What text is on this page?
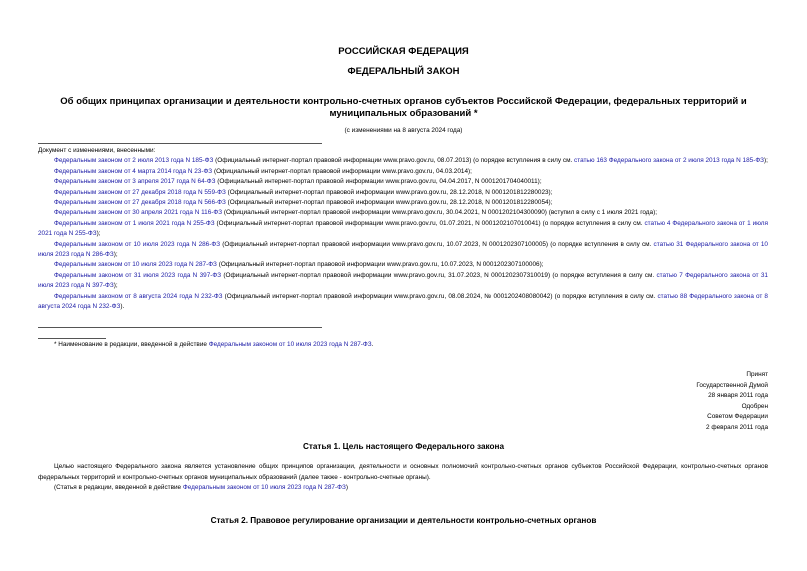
РОССИЙСКАЯ ФЕДЕРАЦИЯ
ФЕДЕРАЛЬНЫЙ ЗАКОН
Об общих принципах организации и деятельности контрольно-счетных органов субъектов Российской Федерации, федеральных территорий и муниципальных образований *
(с изменениями на 8 августа 2024 года)

Документ с изменениями, внесенными:

Федеральным законом от 2 июля 2013 года N 185-ФЗ (Официальный интернет-портал правовой информации www.pravo.gov.ru, 08.07.2013) (о порядке вступления в силу см. статью 163 Федерального закона от 2 июля 2013 года N 185-ФЗ);

Федеральным законом от 4 марта 2014 года N 23-ФЗ (Официальный интернет-портал правовой информации www.pravo.gov.ru, 04.03.2014);

Федеральным законом от 3 апреля 2017 года N 64-ФЗ (Официальный интернет-портал правовой информации www.pravo.gov.ru, 04.04.2017, N 0001201704040011);

Федеральным законом от 27 декабря 2018 года N 559-ФЗ (Официальный интернет-портал правовой информации www.pravo.gov.ru, 28.12.2018, N 0001201812280023);

Федеральным законом от 27 декабря 2018 года N 566-ФЗ (Официальный интернет-портал правовой информации www.pravo.gov.ru, 28.12.2018, N 0001201812280054);

Федеральным законом от 30 апреля 2021 года N 116-ФЗ (Официальный интернет-портал правовой информации www.pravo.gov.ru, 30.04.2021, N 0001202104300090) (вступил в силу с 1 июля 2021 года);

Федеральным законом от 1 июля 2021 года N 255-ФЗ (Официальный интернет-портал правовой информации www.pravo.gov.ru, 01.07.2021, N 0001202107010041) (о порядке вступления в силу см. статью 4 Федерального закона от 1 июля 2021 года N 255-ФЗ);

Федеральным законом от 10 июля 2023 года N 286-ФЗ (Официальный интернет-портал правовой информации www.pravo.gov.ru, 10.07.2023, N 0001202307100005) (о порядке вступления в силу см. статью 31 Федерального закона от 10 июля 2023 года N 286-ФЗ);

Федеральным законом от 10 июля 2023 года N 287-ФЗ (Официальный интернет-портал правовой информации www.pravo.gov.ru, 10.07.2023, N 0001202307100006);

Федеральным законом от 31 июля 2023 года N 397-ФЗ (Официальный интернет-портал правовой информации www.pravo.gov.ru, 31.07.2023, N 0001202307310019) (о порядке вступления в силу см. статью 7 Федерального закона от 31 июля 2023 года N 397-ФЗ);

Федеральным законом от 8 августа 2024 года N 232-ФЗ (Официальный интернет-портал правовой информации www.pravo.gov.ru, 08.08.2024, № 0001202408080042) (о порядке вступления в силу см. статью 88 Федерального закона от 8 августа 2024 года N 232-ФЗ).

* Наименование в редакции, введенной в действие Федеральным законом от 10 июля 2023 года N 287-ФЗ.

Принят
Государственной Думой
28 января 2011 года
Одобрен
Советом Федерации
2 февраля 2011 года
Статья 1. Цель настоящего Федерального закона

Целью настоящего Федерального закона является установление общих принципов организации, деятельности и основных полномочий контрольно-счетных органов субъектов Российской Федерации, контрольно-счетных органов федеральных территорий и контрольно-счетных органов муниципальных образований (далее также - контрольно-счетные органы).

(Статья в редакции, введенной в действие Федеральным законом от 10 июля 2023 года N 287-ФЗ)

Статья 2. Правовое регулирование организации и деятельности контрольно-счетных органов
